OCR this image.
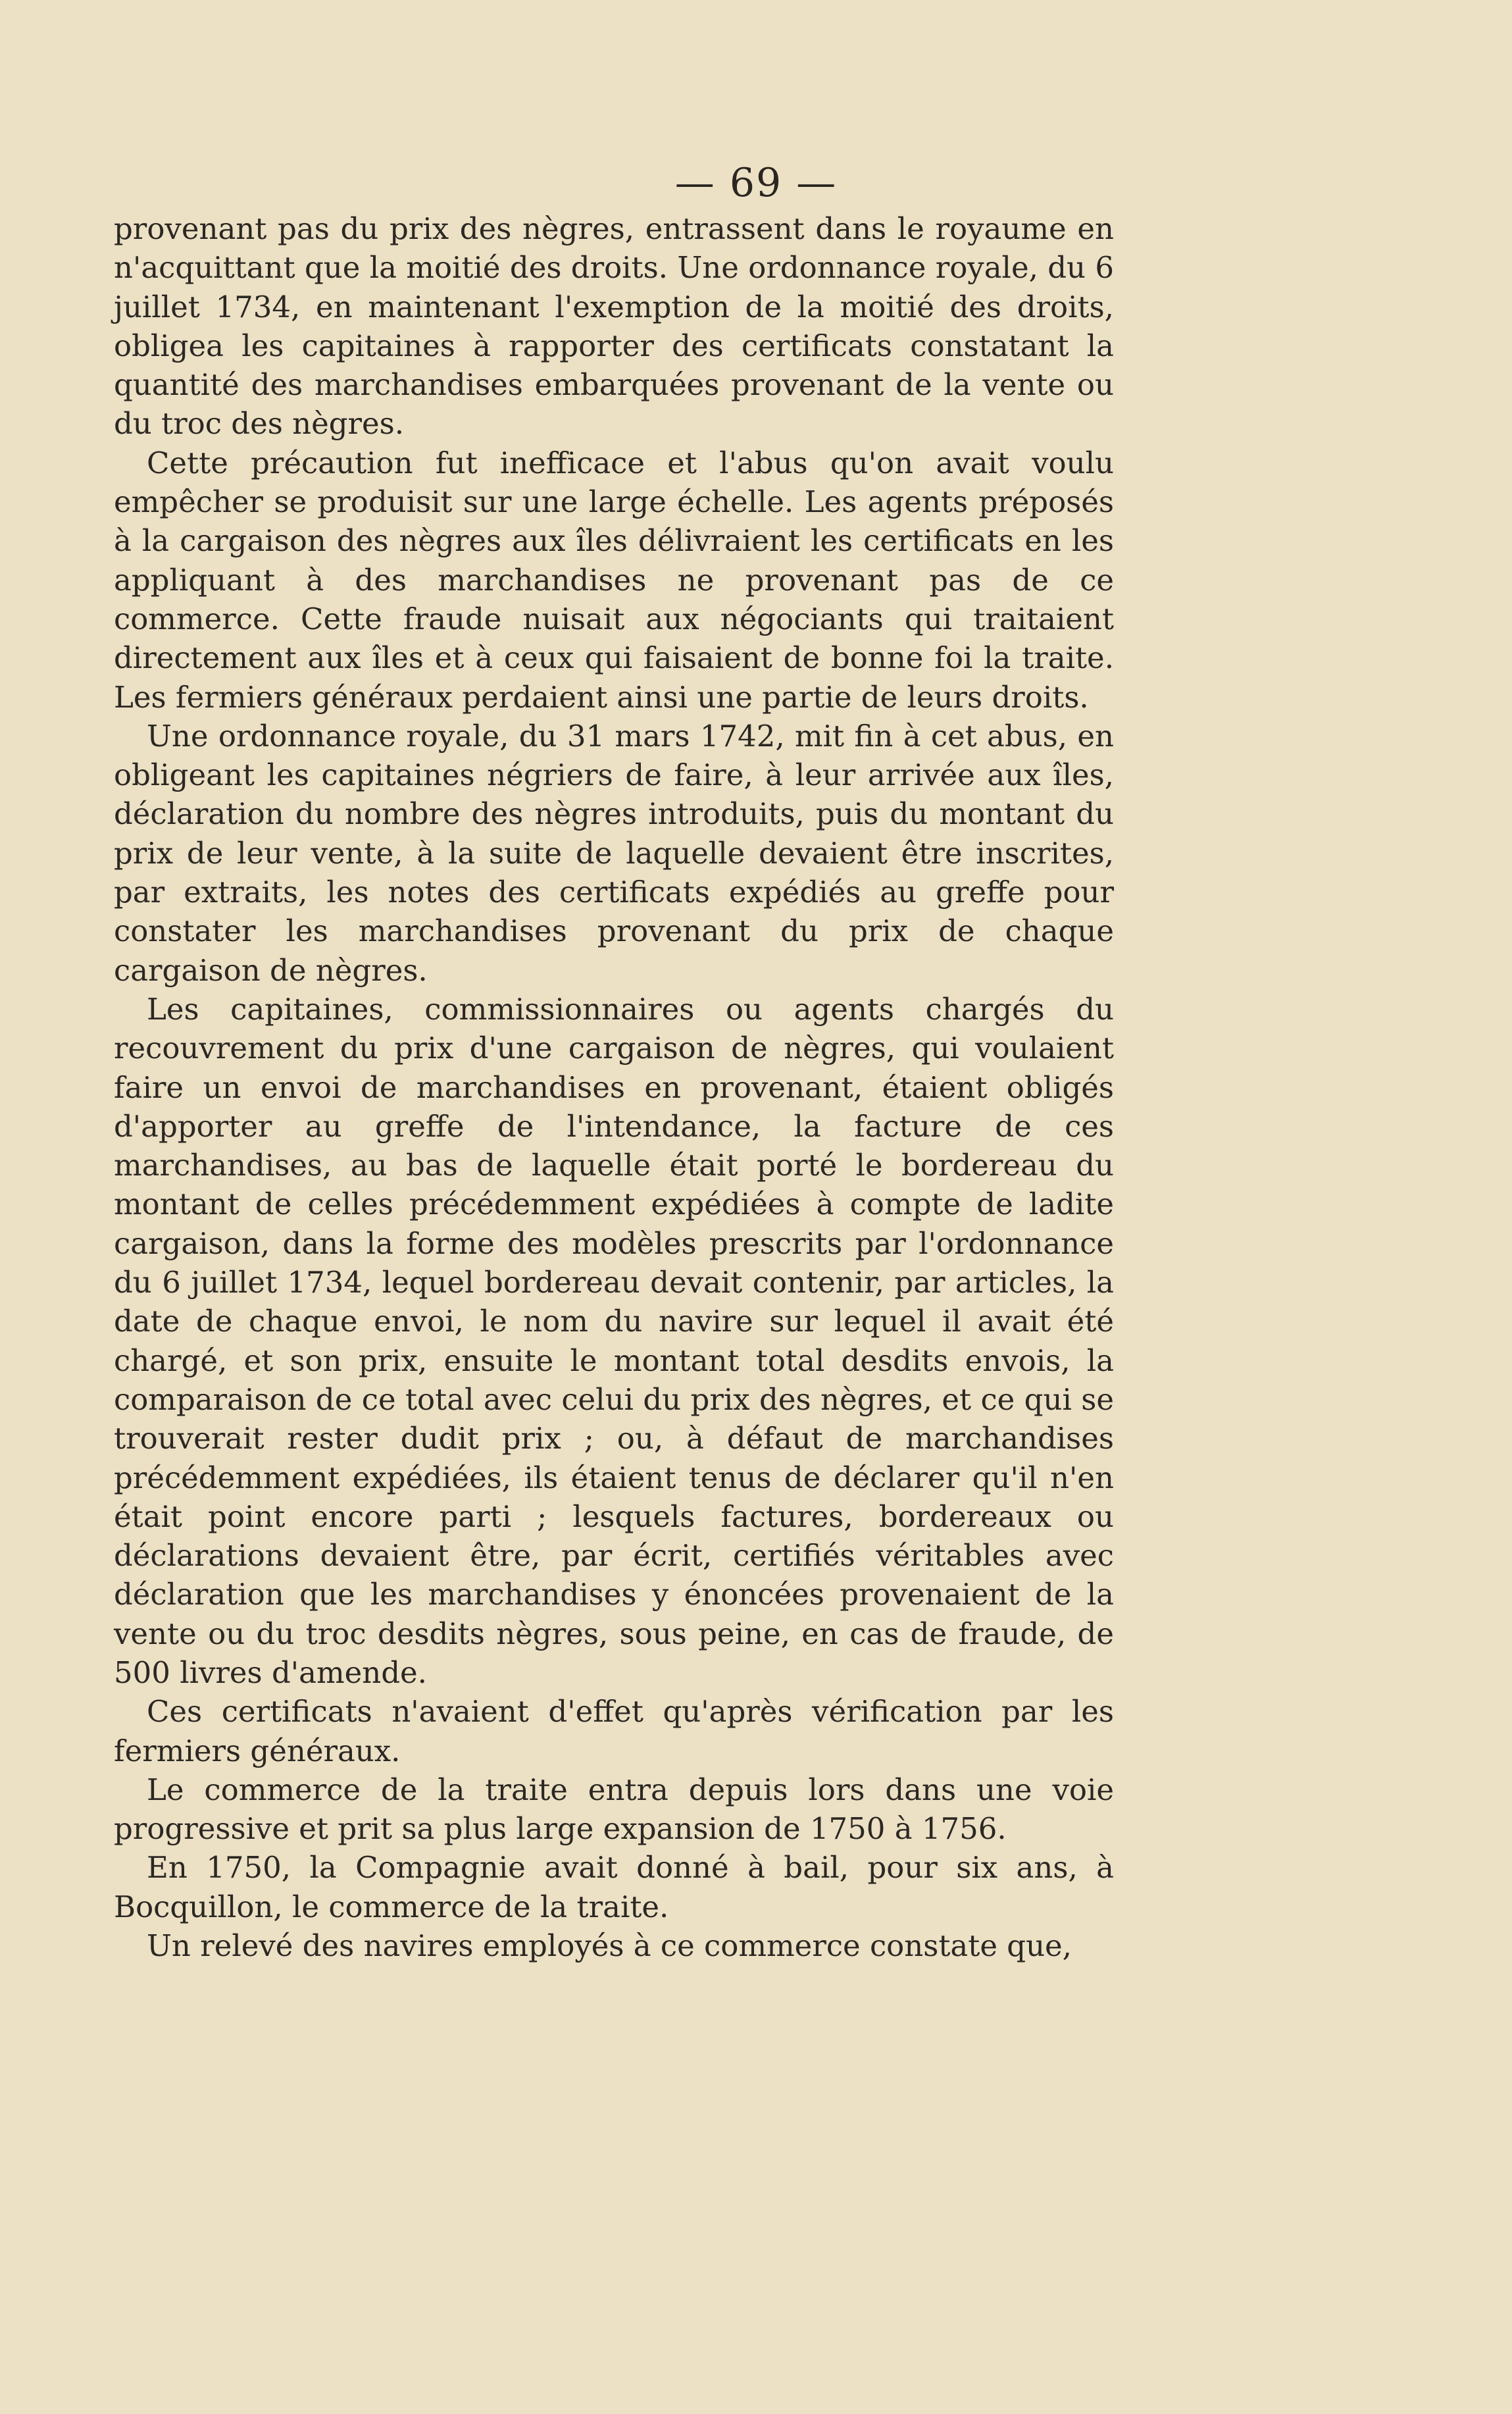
— 69 —

provenant pas du prix des nègres, entrassent dans le royaume en n'acquittant que la moitié des droits. Une ordonnance royale, du 6 juillet 1734, en maintenant l'exemption de la moitié des droits, obligea les capitaines à rapporter des certificats constatant la quantité des marchandises embarquées provenant de la vente ou du troc des nègres.

Cette précaution fut inefficace et l'abus qu'on avait voulu empêcher se produisit sur une large échelle. Les agents préposés à la cargaison des nègres aux îles délivraient les certificats en les appliquant à des marchandises ne provenant pas de ce commerce. Cette fraude nuisait aux négociants qui traitaient directement aux îles et à ceux qui faisaient de bonne foi la traite. Les fermiers généraux perdaient ainsi une partie de leurs droits.

Une ordonnance royale, du 31 mars 1742, mit fin à cet abus, en obligeant les capitaines négriers de faire, à leur arrivée aux îles, déclaration du nombre des nègres introduits, puis du montant du prix de leur vente, à la suite de laquelle devaient être inscrites, par extraits, les notes des certificats expédiés au greffe pour constater les marchandises provenant du prix de chaque cargaison de nègres.

Les capitaines, commissionnaires ou agents chargés du recouvrement du prix d'une cargaison de nègres, qui voulaient faire un envoi de marchandises en provenant, étaient obligés d'apporter au greffe de l'intendance, la facture de ces marchandises, au bas de laquelle était porté le bordereau du montant de celles précédemment expédiées à compte de ladite cargaison, dans la forme des modèles prescrits par l'ordonnance du 6 juillet 1734, lequel bordereau devait contenir, par articles, la date de chaque envoi, le nom du navire sur lequel il avait été chargé, et son prix, ensuite le montant total desdits envois, la comparaison de ce total avec celui du prix des nègres, et ce qui se trouverait rester dudit prix ; ou, à défaut de marchandises précédemment expédiées, ils étaient tenus de déclarer qu'il n'en était point encore parti ; lesquels factures, bordereaux ou déclarations devaient être, par écrit, certifiés véritables avec déclaration que les marchandises y énoncées provenaient de la vente ou du troc desdits nègres, sous peine, en cas de fraude, de 500 livres d'amende.

Ces certificats n'avaient d'effet qu'après vérification par les fermiers généraux.

Le commerce de la traite entra depuis lors dans une voie progressive et prit sa plus large expansion de 1750 à 1756.

En 1750, la Compagnie avait donné à bail, pour six ans, à Bocquillon, le commerce de la traite.

Un relevé des navires employés à ce commerce constate que,
